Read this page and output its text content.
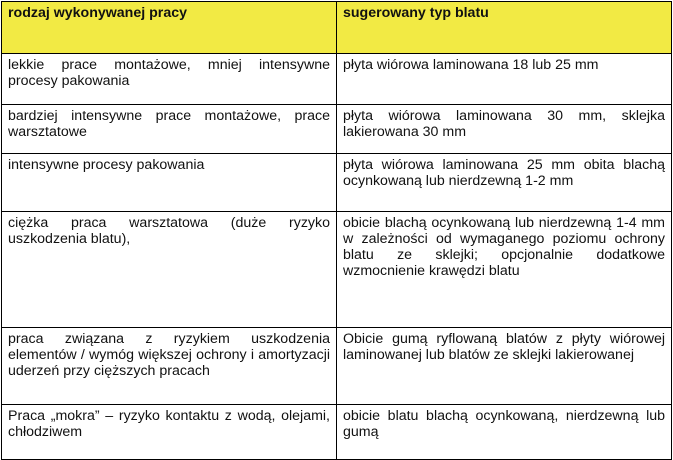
rodzaj wykonywanej pracy	sugerowany typ blatu
lekkie prace montażowe, mniej intensywne procesy pakowania	płyta wiórowa laminowana 18 lub 25 mm
bardziej intensywne prace montażowe, prace warsztatowe	płyta wiórowa laminowana 30 mm, sklejka lakierowana 30 mm
intensywne procesy pakowania	płyta wiórowa laminowana 25 mm obita blachą ocynkowaną lub nierdzewną 1-2 mm
ciężka praca warsztatowa (duże ryzyko uszkodzenia blatu),	obicie blachą ocynkowaną lub nierdzewną 1-4 mm w zależności od wymaganego poziomu ochrony blatu ze sklejki; opcjonalnie dodatkowe wzmocnienie krawędzi blatu
praca związana z ryzykiem uszkodzenia elementów / wymóg większej ochrony i amortyzacji uderzeń przy cięższych pracach	Obicie gumą ryflowaną blatów z płyty wiórowej laminowanej lub blatów ze sklejki lakierowanej
Praca „mokra” – ryzyko kontaktu z wodą, olejami, chłodziwem	obicie blatu blachą ocynkowaną, nierdzewną lub gumą
